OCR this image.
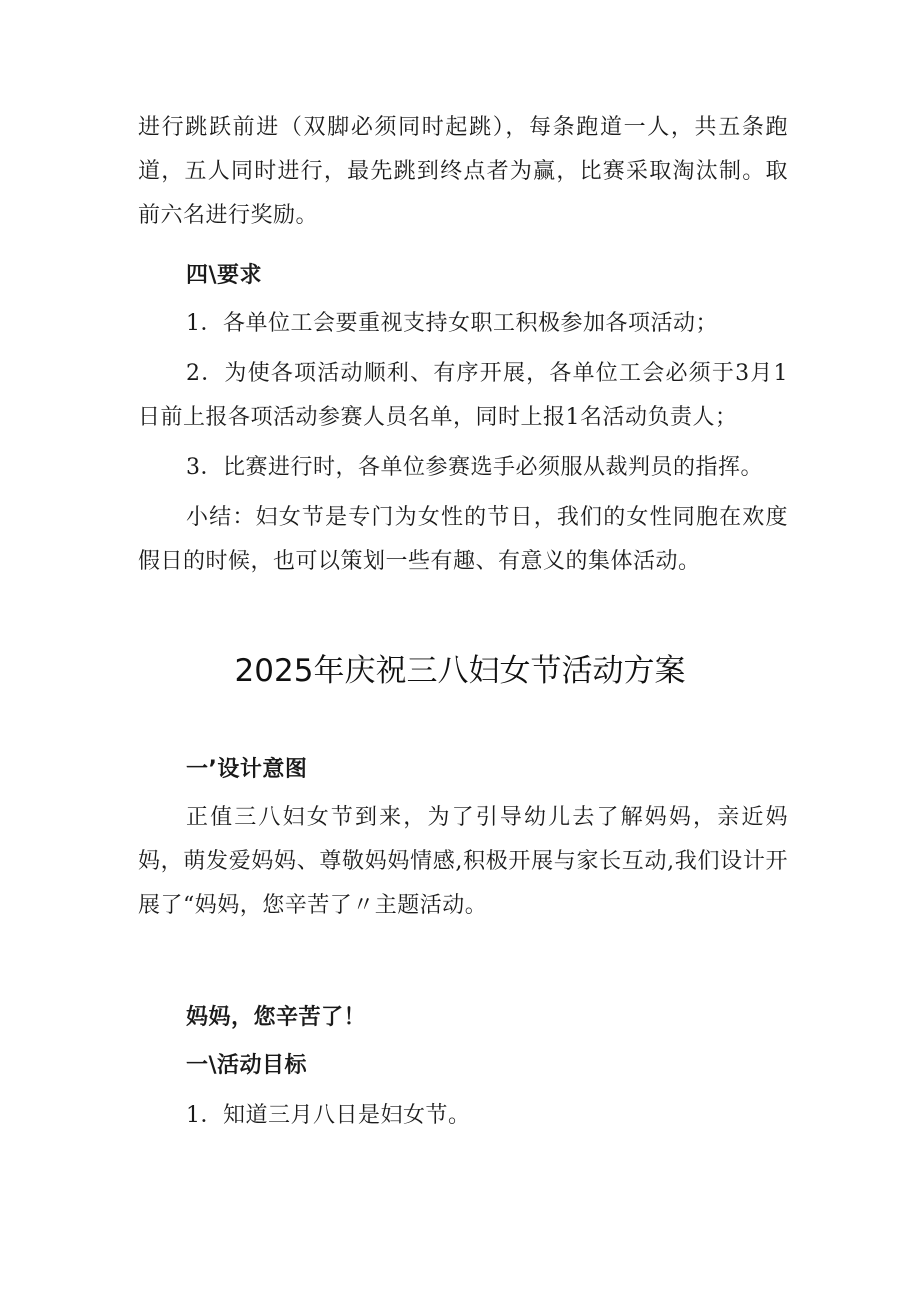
进行跳跃前进（双脚必须同时起跳），每条跑道一人，共五条跑道，五人同时进行，最先跳到终点者为赢，比赛采取淘汰制。取前六名进行奖励。

四\要求

1．各单位工会要重视支持女职工积极参加各项活动；

2．为使各项活动顺利、有序开展，各单位工会必须于3月1日前上报各项活动参赛人员名单，同时上报1名活动负责人；

3．比赛进行时，各单位参赛选手必须服从裁判员的指挥。

小结：妇女节是专门为女性的节日，我们的女性同胞在欢度假日的时候，也可以策划一些有趣、有意义的集体活动。

2025年庆祝三八妇女节活动方案

一’设计意图

正值三八妇女节到来，为了引导幼儿去了解妈妈，亲近妈妈，萌发爱妈妈、尊敬妈妈情感,积极开展与家长互动,我们设计开展了“妈妈，您辛苦了〃主题活动。

妈妈，您辛苦了！

一\活动目标

1．知道三月八日是妇女节。
